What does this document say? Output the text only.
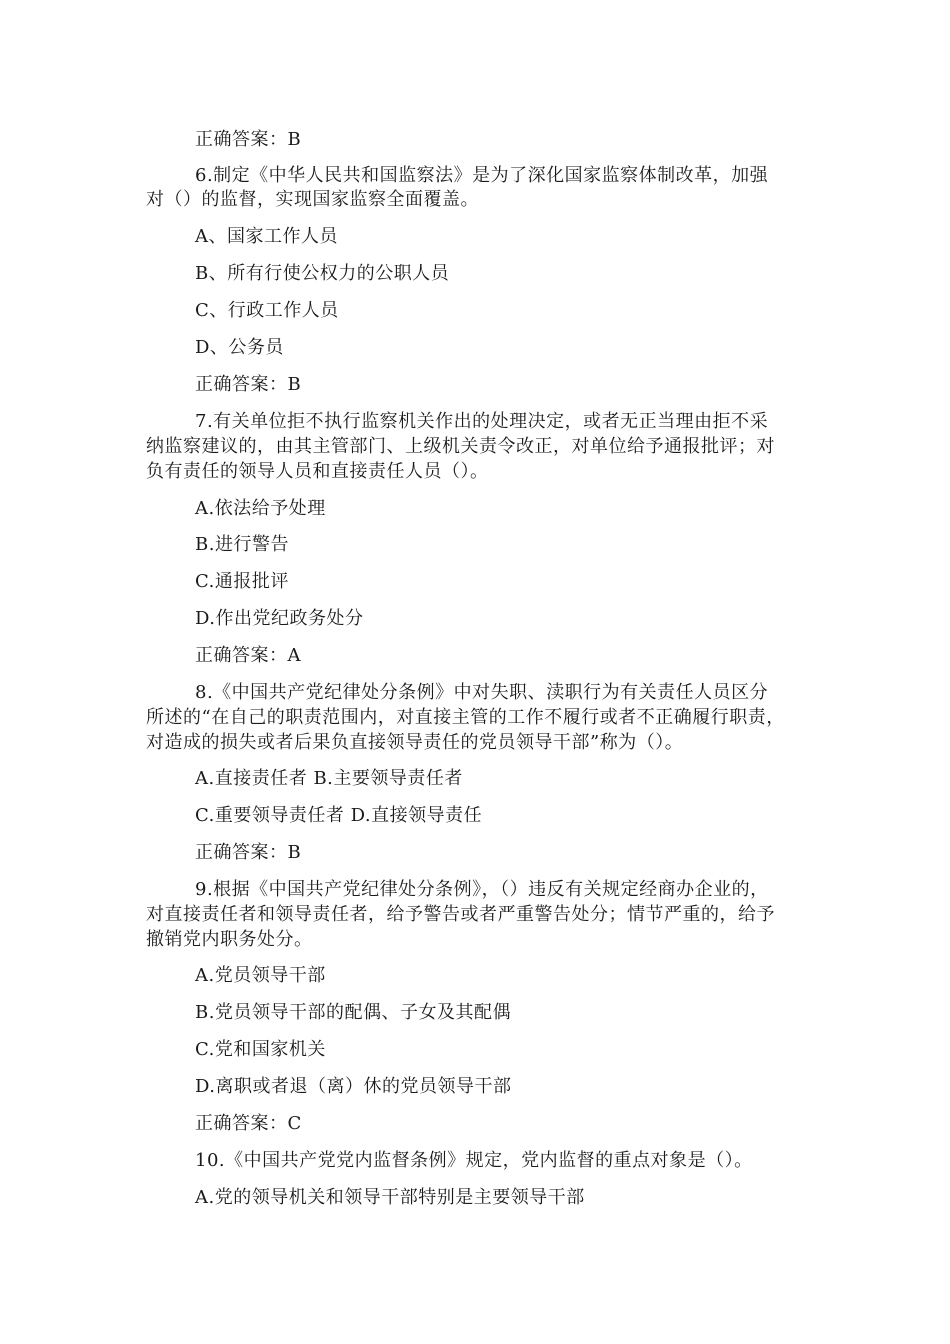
正确答案：B
6.制定《中华人民共和国监察法》是为了深化国家监察体制改革，加强
对（）的监督，实现国家监察全面覆盖。
A、国家工作人员
B、所有行使公权力的公职人员
C、行政工作人员
D、公务员
正确答案：B
7.有关单位拒不执行监察机关作出的处理决定，或者无正当理由拒不采
纳监察建议的，由其主管部门、上级机关责令改正，对单位给予通报批评；对
负有责任的领导人员和直接责任人员（）。
A.依法给予处理
B.进行警告
C.通报批评
D.作出党纪政务处分
正确答案：A
8.《中国共产党纪律处分条例》中对失职、渎职行为有关责任人员区分
所述的“在自己的职责范围内，对直接主管的工作不履行或者不正确履行职责，
对造成的损失或者后果负直接领导责任的党员领导干部”称为（）。
A.直接责任者 B.主要领导责任者
C.重要领导责任者 D.直接领导责任
正确答案：B
9.根据《中国共产党纪律处分条例》，（）违反有关规定经商办企业的，
对直接责任者和领导责任者，给予警告或者严重警告处分；情节严重的，给予
撤销党内职务处分。
A.党员领导干部
B.党员领导干部的配偶、子女及其配偶
C.党和国家机关
D.离职或者退（离）休的党员领导干部
正确答案：C
10.《中国共产党党内监督条例》规定，党内监督的重点对象是（）。
A.党的领导机关和领导干部特别是主要领导干部
